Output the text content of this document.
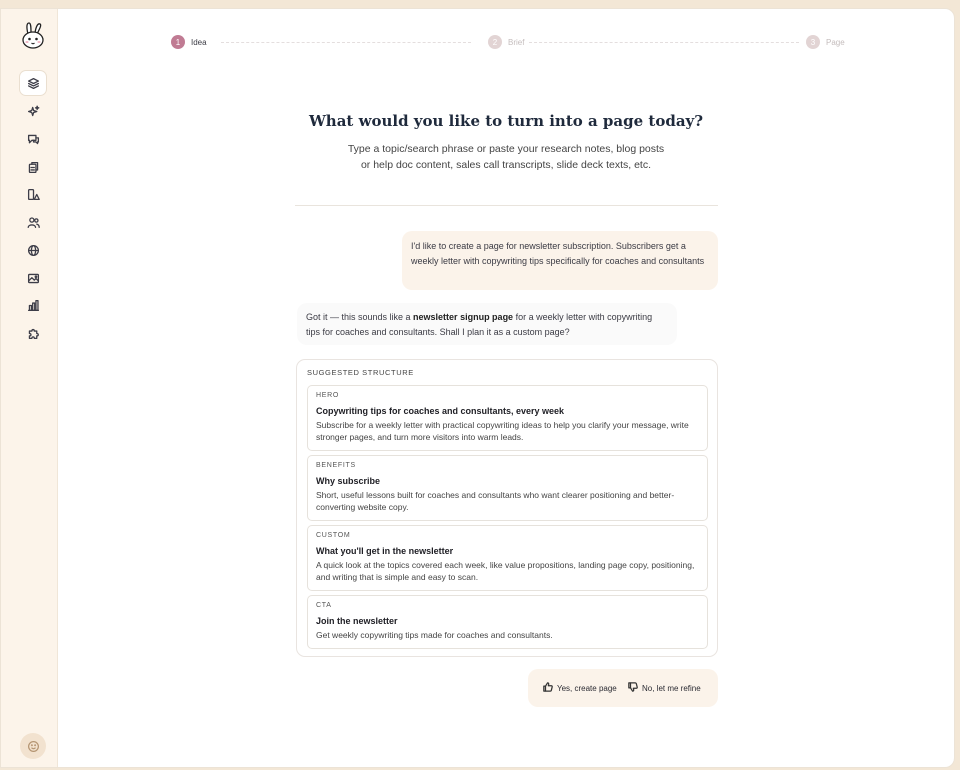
1	Idea	2	Brief	3	Page
What would you like to turn into a page today?
Type a topic/search phrase or paste your research notes, blog posts
or help doc content, sales call transcripts, slide deck texts, etc.
I'd like to create a page for newsletter subscription. Subscribers get a weekly letter with copywriting tips specifically for coaches and consultants
Got it — this sounds like a newsletter signup page for a weekly letter with copywriting tips for coaches and consultants. Shall I plan it as a custom page?
SUGGESTED STRUCTURE
HERO
Copywriting tips for coaches and consultants, every week
Subscribe for a weekly letter with practical copywriting ideas to help you clarify your message, write stronger pages, and turn more visitors into warm leads.
BENEFITS
Why subscribe
Short, useful lessons built for coaches and consultants who want clearer positioning and better-converting website copy.
CUSTOM
What you'll get in the newsletter
A quick look at the topics covered each week, like value propositions, landing page copy, positioning, and writing that is simple and easy to scan.
CTA
Join the newsletter
Get weekly copywriting tips made for coaches and consultants.
Yes, create page	No, let me refine
